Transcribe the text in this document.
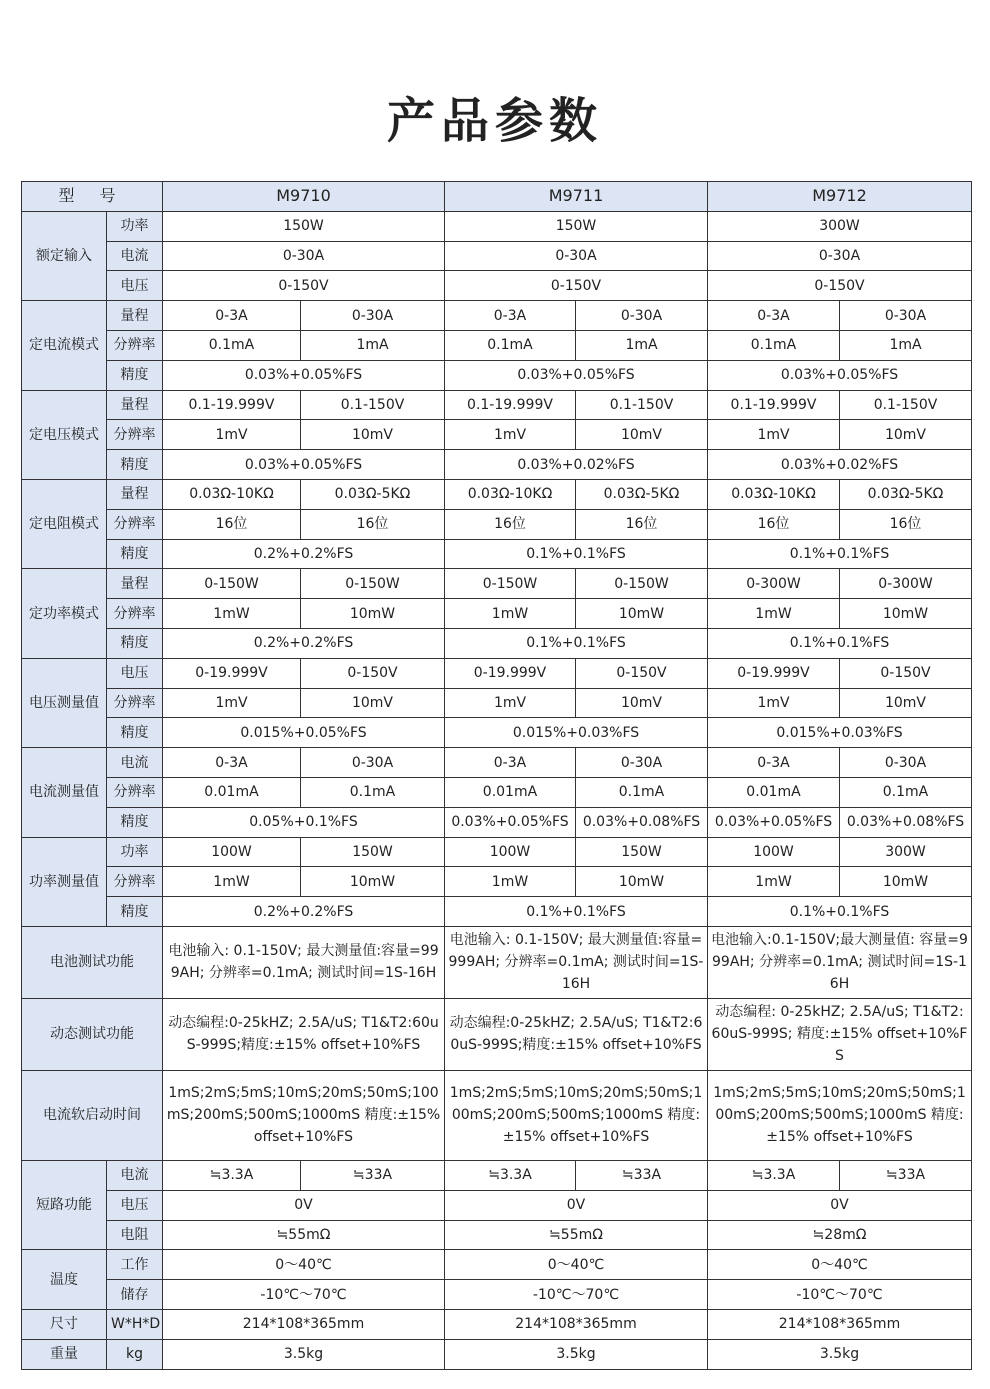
产品参数
型 号		M9710		M9711		M9712	
额定输入	功率	150W		150W		300W	
	电流	0-30A		0-30A		0-30A	
	电压	0-150V		0-150V		0-150V	
定电流模式	量程	0-3A	0-30A	0-3A	0-30A	0-3A	0-30A
	分辨率	0.1mA	1mA	0.1mA	1mA	0.1mA	1mA
	精度	0.03%+0.05%FS		0.03%+0.05%FS		0.03%+0.05%FS	
定电压模式	量程	0.1-19.999V	0.1-150V	0.1-19.999V	0.1-150V	0.1-19.999V	0.1-150V
	分辨率	1mV	10mV	1mV	10mV	1mV	10mV
	精度	0.03%+0.05%FS		0.03%+0.02%FS		0.03%+0.02%FS	
定电阻模式	量程	0.03Ω-10KΩ	0.03Ω-5KΩ	0.03Ω-10KΩ	0.03Ω-5KΩ	0.03Ω-10KΩ	0.03Ω-5KΩ
	分辨率	16位	16位	16位	16位	16位	16位
	精度	0.2%+0.2%FS		0.1%+0.1%FS		0.1%+0.1%FS	
定功率模式	量程	0-150W	0-150W	0-150W	0-150W	0-300W	0-300W
	分辨率	1mW	10mW	1mW	10mW	1mW	10mW
	精度	0.2%+0.2%FS		0.1%+0.1%FS		0.1%+0.1%FS	
电压测量值	电压	0-19.999V	0-150V	0-19.999V	0-150V	0-19.999V	0-150V
	分辨率	1mV	10mV	1mV	10mV	1mV	10mV
	精度	0.015%+0.05%FS		0.015%+0.03%FS		0.015%+0.03%FS	
电流测量值	电流	0-3A	0-30A	0-3A	0-30A	0-3A	0-30A
	分辨率	0.01mA	0.1mA	0.01mA	0.1mA	0.01mA	0.1mA
	精度	0.05%+0.1%FS		0.03%+0.05%FS	0.03%+0.08%FS	0.03%+0.05%FS	0.03%+0.08%FS
功率测量值	功率	100W	150W	100W	150W	100W	300W
	分辨率	1mW	10mW	1mW	10mW	1mW	10mW
	精度	0.2%+0.2%FS		0.1%+0.1%FS		0.1%+0.1%FS	
电池测试功能		电池输入: 0.1-150V; 最大测量值:容量=999AH; 分辨率=0.1mA; 测试时间=1S-16H		电池输入: 0.1-150V; 最大测量值:容量=999AH; 分辨率=0.1mA; 测试时间=1S-16H		电池输入:0.1-150V;最大测量值: 容量=999AH; 分辨率=0.1mA; 测试时间=1S-16H	
动态测试功能		动态编程:0-25kHZ; 2.5A/uS; T1&T2:60uS-999S;精度:±15% offset+10%FS		动态编程:0-25kHZ; 2.5A/uS; T1&T2:60uS-999S;精度:±15% offset+10%FS		动态编程: 0-25kHZ; 2.5A/uS; T1&T2:60uS-999S; 精度:±15% offset+10%FS	
电流软启动时间		1mS;2mS;5mS;10mS;20mS;50mS;100mS;200mS;500mS;1000mS 精度:±15% offset+10%FS		1mS;2mS;5mS;10mS;20mS;50mS;100mS;200mS;500mS;1000mS 精度:±15% offset+10%FS		1mS;2mS;5mS;10mS;20mS;50mS;100mS;200mS;500mS;1000mS 精度:±15% offset+10%FS	
短路功能	电流	≒3.3A	≒33A	≒3.3A	≒33A	≒3.3A	≒33A
	电压	0V		0V		0V	
	电阻	≒55mΩ		≒55mΩ		≒28mΩ	
温度	工作	0～40℃		0～40℃		0～40℃	
	储存	-10℃～70℃		-10℃～70℃		-10℃～70℃	
尺寸	W*H*D	214*108*365mm		214*108*365mm		214*108*365mm	
重量	kg	3.5kg		3.5kg		3.5kg	
